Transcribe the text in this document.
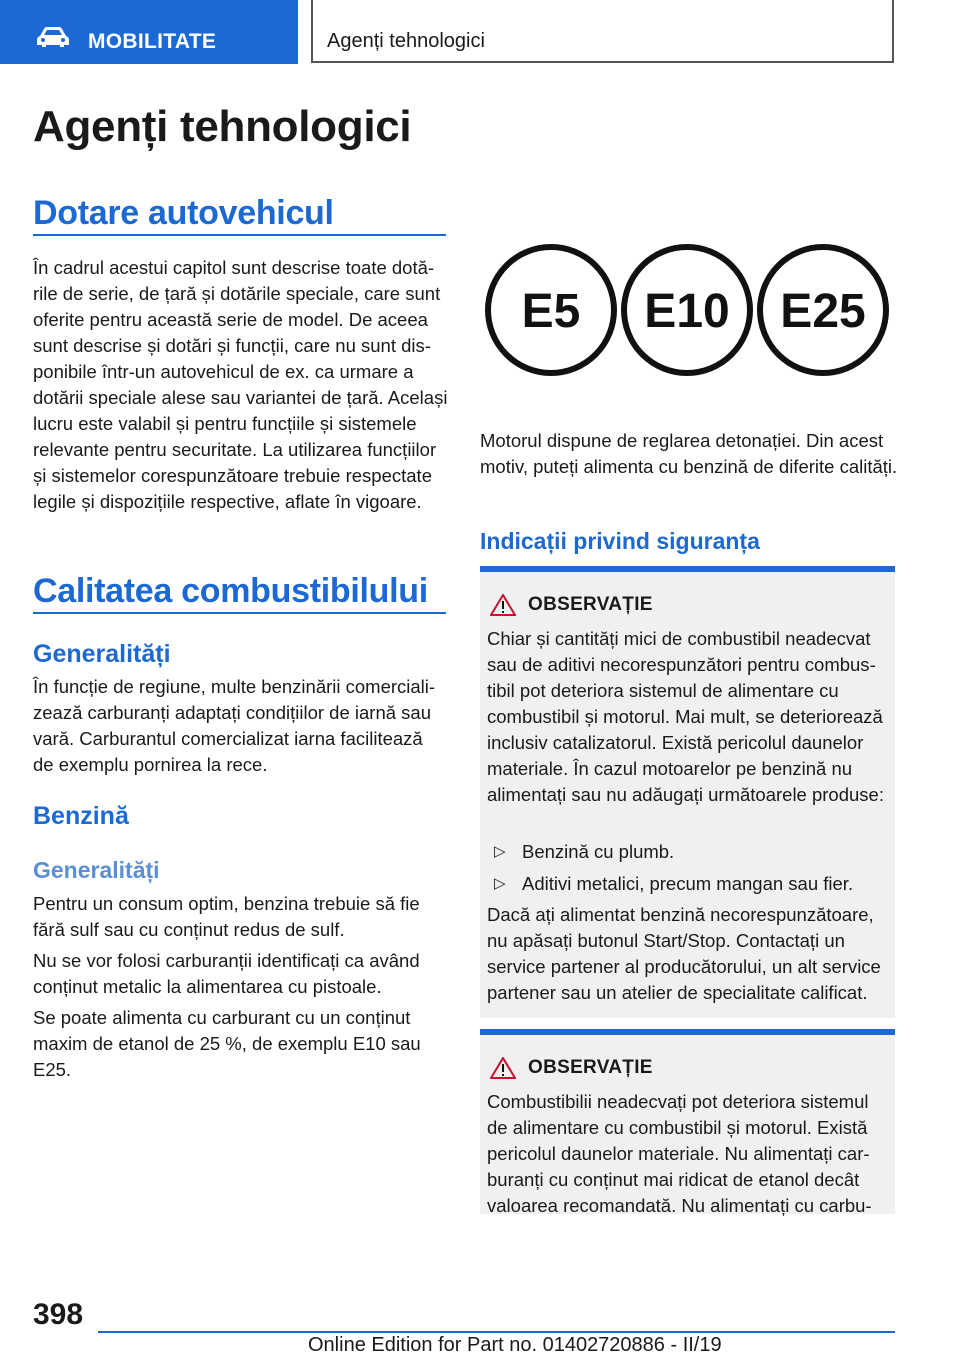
MOBILITATE	Agenți tehnologici
Agenți tehnologici
Dotare autovehicul

În cadrul acestui capitol sunt descrise toate dotările de serie, de țară și dotările speciale, care sunt oferite pentru această serie de model. De aceea sunt descrise și dotări și funcții, care nu sunt disponibile într-un autovehicul de ex. ca urmare a dotării speciale alese sau variantei de țară. Același lucru este valabil și pentru funcțiile și sistemele relevante pentru securitate. La utilizarea funcțiilor și sistemelor corespunzătoare trebuie respectate legile și dispozițiile respective, aflate în vigoare.

Calitatea combustibilului
Generalități

În funcție de regiune, multe benzinării comercializează carburanți adaptați condițiilor de iarnă sau vară. Carburantul comercializat iarna facilitează de exemplu pornirea la rece.

Benzină
Generalități

Pentru un consum optim, benzina trebuie să fie fără sulf sau cu conținut redus de sulf.

Nu se vor folosi carburanții identificați ca având conținut metalic la alimentarea cu pistoale.

Se poate alimenta cu carburant cu un conținut maxim de etanol de 25 %, de exemplu E10 sau E25.

E5 E10 E25

Motorul dispune de reglarea detonației. Din acest motiv, puteți alimenta cu benzină de diferite calități.

Indicații privind siguranța
OBSERVAȚIE

Chiar și cantități mici de combustibil neadecvat sau de aditivi necorespunzători pentru combustibil pot deteriora sistemul de alimentare cu combustibil și motorul. Mai mult, se deteriorează inclusiv catalizatorul. Există pericolul daunelor materiale. În cazul motoarelor pe benzină nu alimentați sau nu adăugați următoarele produse:

▷ Benzină cu plumb.
▷ Aditivi metalici, precum mangan sau fier.

Dacă ați alimentat benzină necorespunzătoare, nu apăsați butonul Start/Stop. Contactați un service partener al producătorului, un alt service partener sau un atelier de specialitate calificat.

OBSERVAȚIE

Combustibilii neadecvați pot deteriora sistemul de alimentare cu combustibil și motorul. Există pericolul daunelor materiale. Nu alimentați carburanți cu conținut mai ridicat de etanol decât valoarea recomandată. Nu alimentați cu carbu-

398
Online Edition for Part no. 01402720886 - II/19
